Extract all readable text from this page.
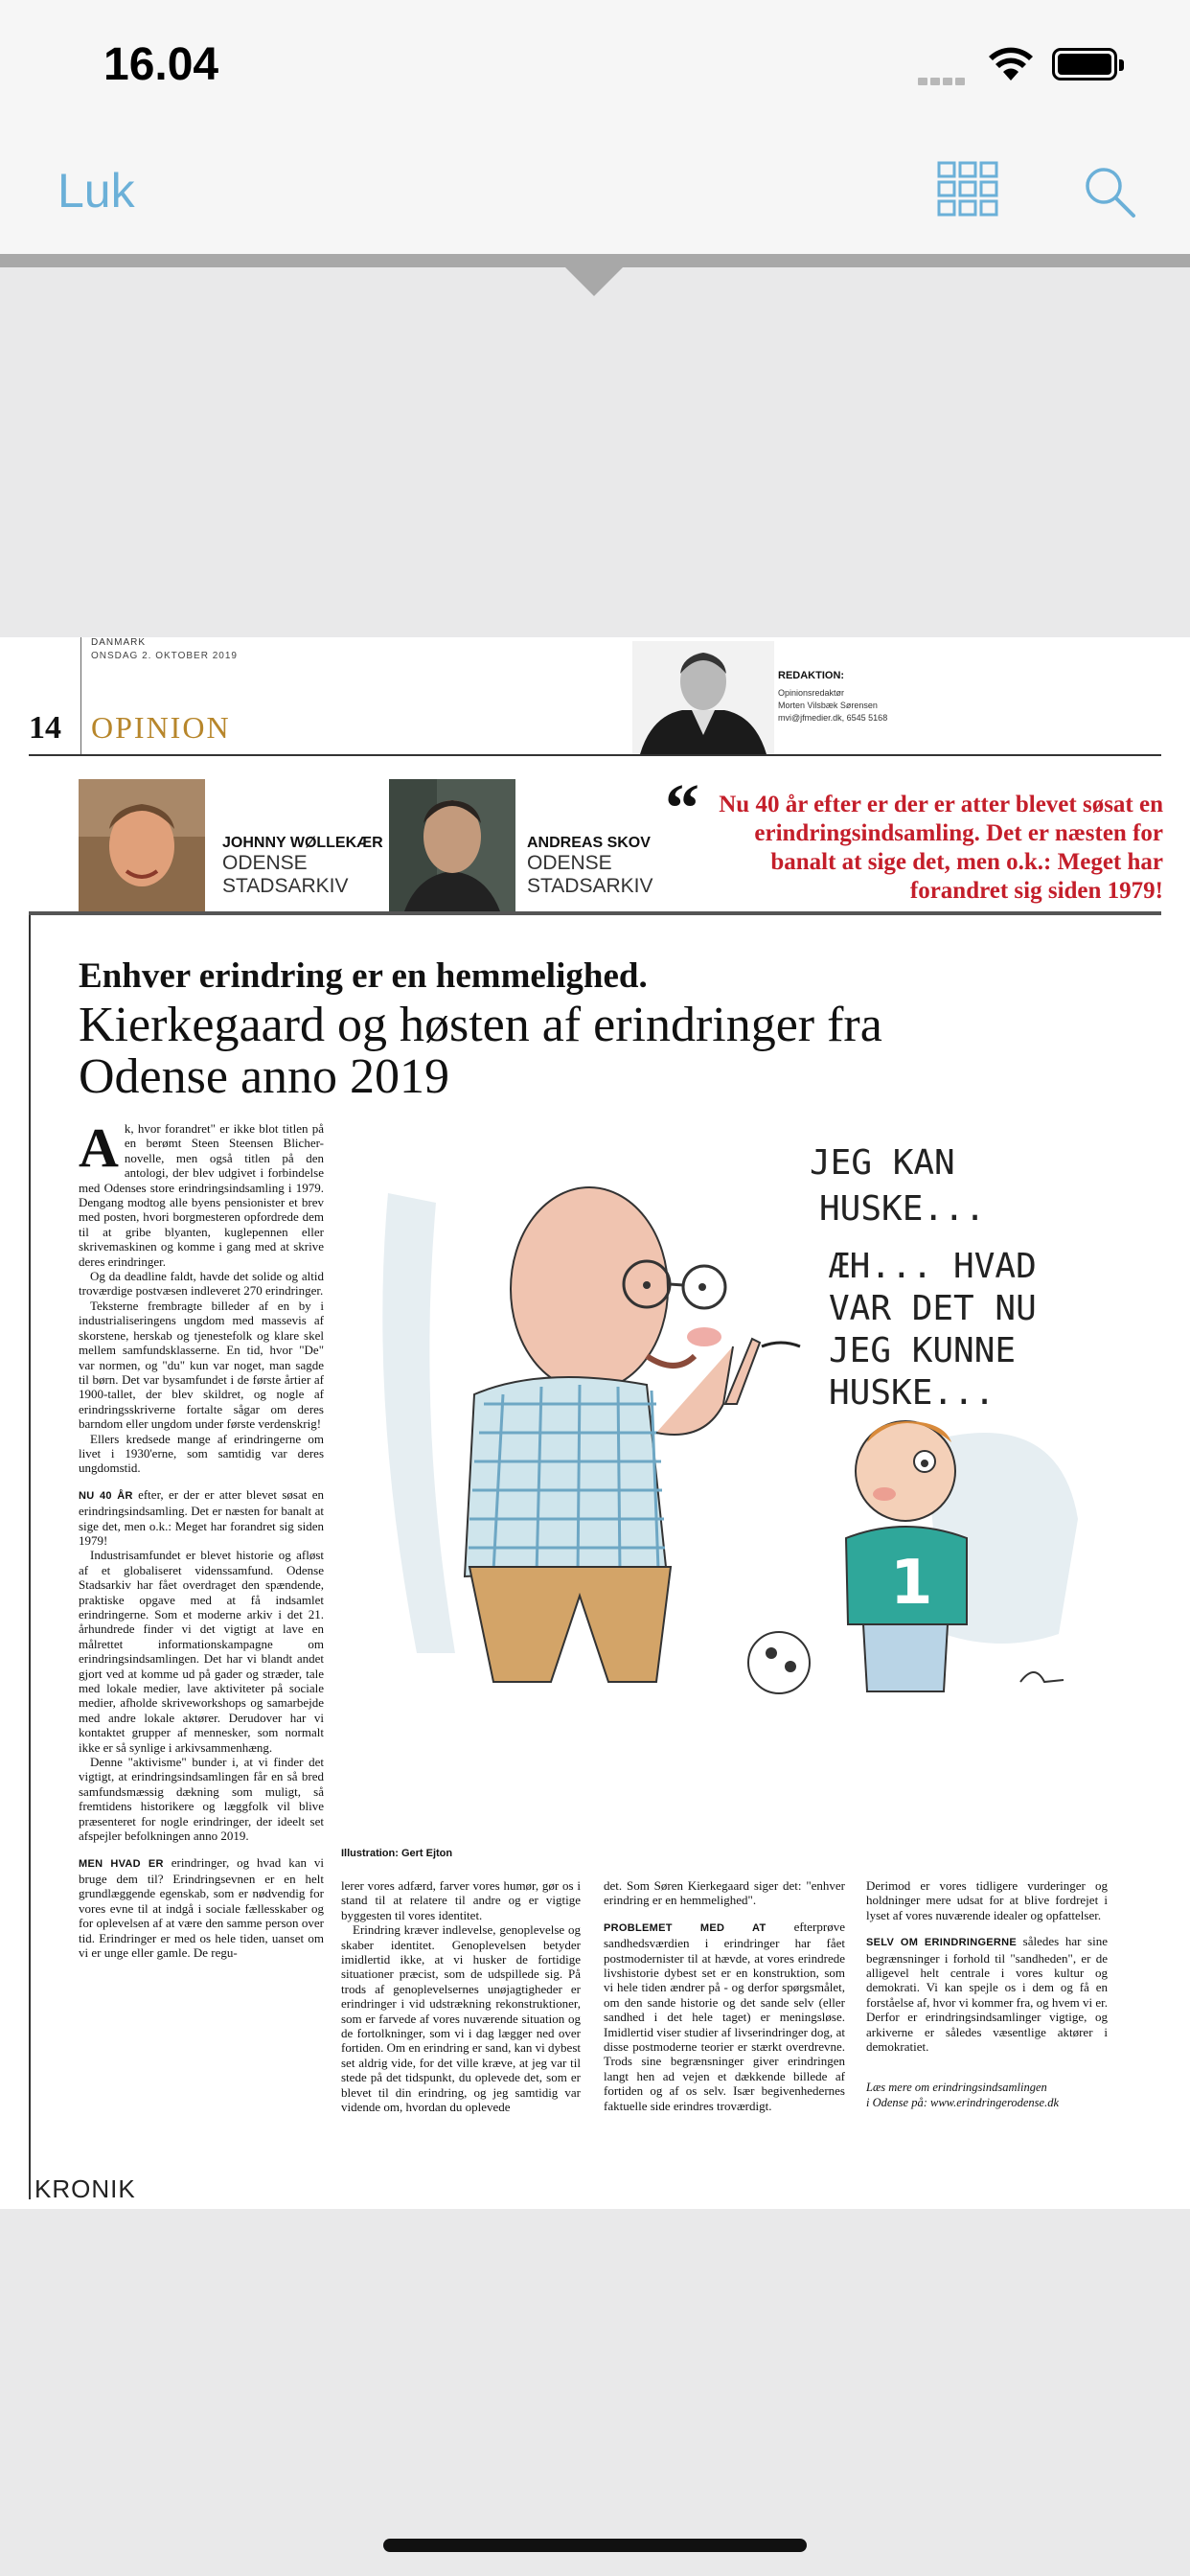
16.04
Luk
DANMARK
ONSDAG 2. OKTOBER 2019
14 OPINION
REDAKTION:
Opinionsredaktør
Morten Vilsbæk Sørensen
mvi@jfmedier.dk, 6545 5168
JOHNNY WØLLEKÆR
ODENSE
STADSARKIV
ANDREAS SKOV
ODENSE
STADSARKIV
“ Nu 40 år efter er der er atter blevet søsat en erindringsindsamling. Det er næsten for banalt at sige det, men o.k.: Meget har forandret sig siden 1979!
Enhver erindring er en hemmelighed.
Kierkegaard og høsten af erindringer fra Odense anno 2019

Ak, hvor forandret" er ikke blot titlen på en berømt Steen Steensen Blicher-novelle, men også titlen på den antologi, der blev udgivet i forbindelse med Odenses store erindringsindsamling i 1979. Dengang modtog alle byens pensionister et brev med posten, hvori borgmesteren opfordrede dem til at gribe blyanten, kuglepennen eller skrivemaskinen og komme i gang med at skrive deres erindringer.

Og da deadline faldt, havde det solide og altid troværdige postvæsen indleveret 270 erindringer.

Teksterne frembragte billeder af en by i industrialiseringens ungdom med massevis af skorstene, herskab og tjenestefolk og klare skel mellem samfundsklasserne. En tid, hvor "De" var normen, og "du" kun var noget, man sagde til børn. Det var bysamfundet i de første årtier af 1900-tallet, der blev skildret, og nogle af erindringsskriverne fortalte sågar om deres barndom eller ungdom under første verdenskrig!

Ellers kredsede mange af erindringerne om livet i 1930'erne, som samtidig var deres ungdomstid.

NU 40 ÅR efter, er der er atter blevet søsat en erindringsindsamling. Det er næsten for banalt at sige det, men o.k.: Meget har forandret sig siden 1979!

Industrisamfundet er blevet historie og afløst af et globaliseret videnssamfund. Odense Stadsarkiv har fået overdraget den spændende, praktiske opgave med at få indsamlet erindringerne. Som et moderne arkiv i det 21. århundrede finder vi det vigtigt at lave en målrettet informationskampagne om erindringsindsamlingen. Det har vi blandt andet gjort ved at komme ud på gader og stræder, tale med lokale medier, lave aktiviteter på sociale medier, afholde skriveworkshops og samarbejde med andre lokale aktører. Derudover har vi kontaktet grupper af mennesker, som normalt ikke er så synlige i arkivsammenhæng.

Denne "aktivisme" bunder i, at vi finder det vigtigt, at erindringsindsamlingen får en så bred samfundsmæssig dækning som muligt, så fremtidens historikere og læggfolk vil blive præsenteret for nogle erindringer, der ideelt set afspejler befolkningen anno 2019.

MEN HVAD ER erindringer, og hvad kan vi bruge dem til? Erindringsevnen er en helt grundlæggende egenskab, som er nødvendig for vores evne til at indgå i sociale fællesskaber og for oplevelsen af at være den samme person over tid. Erindringer er med os hele tiden, uanset om vi er unge eller gamle. De regu-

JEG KAN
HUSKE...
ÆH... HVAD
VAR DET NU
JEG KUNNE
HUSKE...
1
Illustration: Gert Ejton

lerer vores adfærd, farver vores humør, gør os i stand til at relatere til andre og er vigtige byggesten til vores identitet.

Erindring kræver indlevelse, genoplevelse og skaber identitet. Genoplevelsen betyder imidlertid ikke, at vi husker de fortidige situationer præcist, som de udspillede sig. På trods af genoplevelsernes unøjagtigheder er erindringer i vid udstrækning rekonstruktioner, som er farvede af vores nuværende situation og de fortolkninger, som vi i dag lægger ned over fortiden. Om en erindring er sand, kan vi dybest set aldrig vide, for det ville kræve, at jeg var til stede på det tidspunkt, du oplevede det, som er blevet til din erindring, og jeg samtidig var vidende om, hvordan du oplevede

det. Som Søren Kierkegaard siger det: "enhver erindring er en hemmelighed".

PROBLEMET MED AT efterprøve sandhedsværdien i erindringer har fået postmodernister til at hævde, at vores erindrede livshistorie dybest set er en konstruktion, som vi hele tiden ændrer på - og derfor spørgsmålet, om den sande historie og det sande selv (eller sandhed i det hele taget) er meningsløse. Imidlertid viser studier af livserindringer dog, at disse postmoderne teorier er stærkt overdrevne. Trods sine begrænsninger giver erindringen langt hen ad vejen et dækkende billede af fortiden og af os selv. Især begivenhedernes faktuelle side erindres troværdigt.

Derimod er vores tidligere vurderinger og holdninger mere udsat for at blive fordrejet i lyset af vores nuværende idealer og opfattelser.

SELV OM ERINDRINGERNE således har sine begrænsninger i forhold til "sandheden", er de alligevel helt centrale i vores kultur og demokrati. Vi kan spejle os i dem og få en forståelse af, hvor vi kommer fra, og hvem vi er. Derfor er erindringsindsamlinger vigtige, og arkiverne er således væsentlige aktører i demokratiet.

Læs mere om erindringsindsamlingen

i Odense på: www.erindringerodense.dk

KRONIK
